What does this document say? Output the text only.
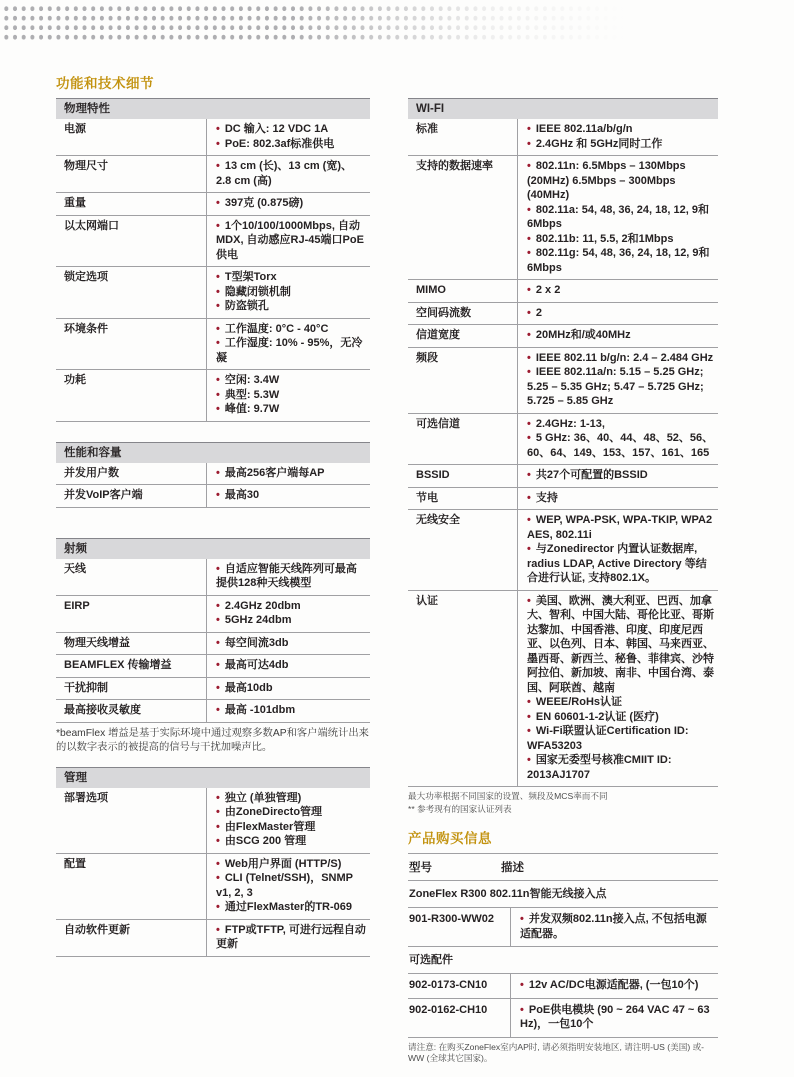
功能和技术细节
物理特性
电源	• DC 输入: 12 VDC 1A
• PoE: 802.3af标准供电
物理尺寸	• 13 cm (长)、13 cm (宽)、2.8 cm (高)
重量	• 397克 (0.875磅)
以太网端口	• 1个10/100/1000Mbps, 自动MDX, 自动感应RJ-45端口PoE供电
锁定选项	• T型架Torx
• 隐藏闭锁机制
• 防盗锁孔
环境条件	• 工作温度: 0°C - 40°C
• 工作湿度: 10% - 95%，无冷凝
功耗	• 空闲: 3.4W
• 典型: 5.3W
• 峰值: 9.7W
性能和容量
并发用户数	• 最高256客户端每AP
并发VoIP客户端	• 最高30
射频
天线	• 自适应智能天线阵列可最高提供128种天线模型
EIRP	• 2.4GHz 20dbm
• 5GHz 24dbm
物理天线增益	• 每空间流3db
BEAMFLEX 传输增益	• 最高可达4db
干扰抑制	• 最高10db
最高接收灵敏度	• 最高 -101dbm

*beamFlex 增益是基于实际环境中通过观察多数AP和客户端统计出来的以数字表示的被提高的信号与干扰加噪声比。

管理
部署选项	• 独立 (单独管理)
• 由ZoneDirecto管理
• 由FlexMaster管理
• 由SCG 200 管理
配置	• Web用户界面 (HTTP/S)
• CLI (Telnet/SSH)，SNMP v1, 2, 3
• 通过FlexMaster的TR-069
自动软件更新	• FTP或TFTP, 可进行远程自动更新
WI-FI
标准	• IEEE 802.11a/b/g/n
• 2.4GHz 和 5GHz同时工作
支持的数据速率	• 802.11n: 6.5Mbps – 130Mbps (20MHz) 6.5Mbps – 300Mbps (40MHz)
• 802.11a: 54, 48, 36, 24, 18, 12, 9和6Mbps
• 802.11b: 11, 5.5, 2和1Mbps
• 802.11g: 54, 48, 36, 24, 18, 12, 9和6Mbps
MIMO	• 2 x 2
空间码流数	• 2
信道宽度	• 20MHz和/或40MHz
频段	• IEEE 802.11 b/g/n: 2.4 – 2.484 GHz
• IEEE 802.11a/n: 5.15 – 5.25 GHz; 5.25 – 5.35 GHz; 5.47 – 5.725 GHz; 5.725 – 5.85 GHz
可选信道	• 2.4GHz: 1-13,
• 5 GHz: 36、40、44、48、52、56、60、64、149、153、157、161、165
BSSID	• 共27个可配置的BSSID
节电	• 支持
无线安全	• WEP, WPA-PSK, WPA-TKIP, WPA2 AES, 802.11i
• 与Zonedirector 内置认证数据库, radius LDAP, Active Directory 等结合进行认证, 支持802.1X。
认证	• 美国、欧洲、澳大利亚、巴西、加拿大、智利、中国大陆、哥伦比亚、哥斯达黎加、中国香港、印度、印度尼西亚、以色列、日本、韩国、马来西亚、墨西哥、新西兰、秘鲁、菲律宾、沙特阿拉伯、新加坡、南非、中国台湾、泰国、阿联酋、越南
• WEEE/RoHs认证
• EN 60601-1-2认证 (医疗)
• Wi-Fi联盟认证Certification ID: WFA53203
• 国家无委型号核准CMIIT ID: 2013AJ1707

最大功率根据不同国家的设置、频段及MCS率而不同

** 参考现有的国家认证列表

产品购买信息
型号	描述
ZoneFlex R300 802.11n智能无线接入点
901-R300-WW02	• 并发双频802.11n接入点, 不包括电源适配器。
可选配件
902-0173-CN10	• 12v AC/DC电源适配器, (一包10个)
902-0162-CH10	• PoE供电模块 (90 ~ 264 VAC 47 ~ 63 Hz)，一包10个

请注意: 在购买ZoneFlex室内AP时, 请必须指明安装地区, 请注明-US (美国) 或-WW (全球其它国家)。
